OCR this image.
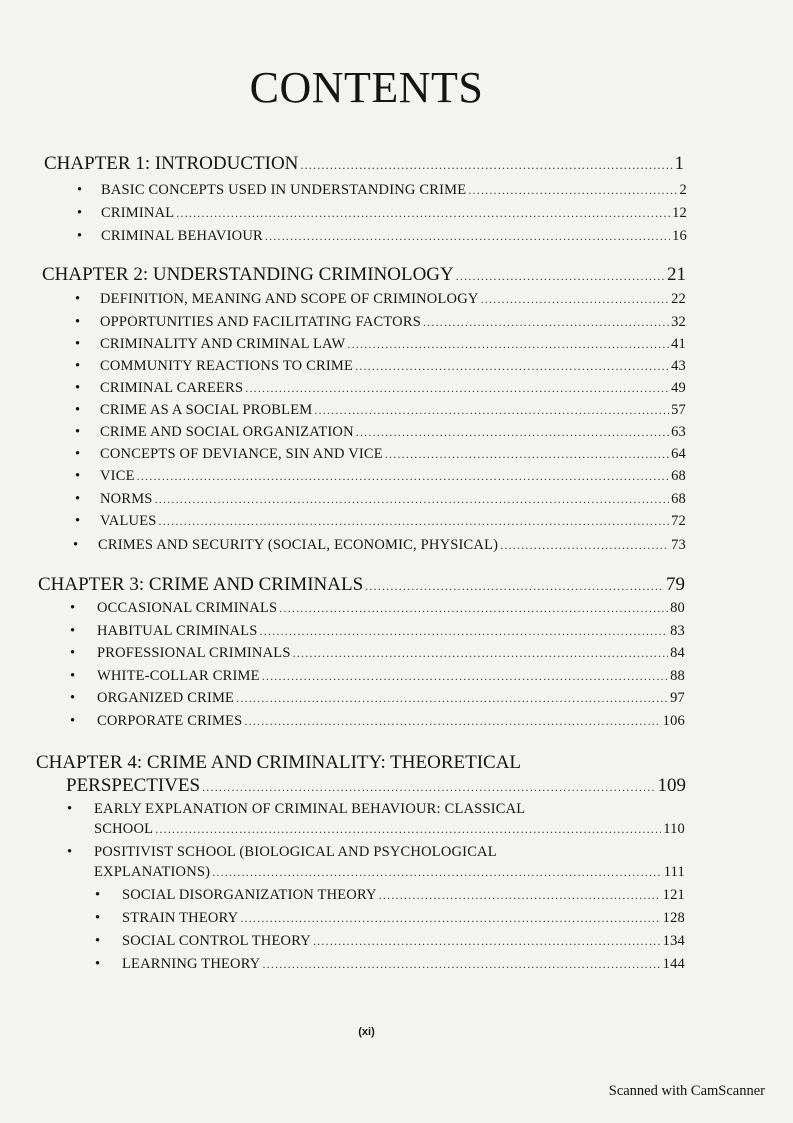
CONTENTS
CHAPTER 1: INTRODUCTION .....	1
BASIC CONCEPTS USED IN UNDERSTANDING CRIME .....	2
CRIMINAL .....	12
CRIMINAL BEHAVIOUR .....	16
CHAPTER 2: UNDERSTANDING CRIMINOLOGY .....	21
DEFINITION, MEANING AND SCOPE OF CRIMINOLOGY .....	22
OPPORTUNITIES AND FACILITATING FACTORS .....	32
CRIMINALITY AND CRIMINAL LAW .....	41
COMMUNITY REACTIONS TO CRIME .....	43
CRIMINAL CAREERS .....	49
CRIME AS A SOCIAL PROBLEM .....	57
CRIME AND SOCIAL ORGANIZATION .....	63
CONCEPTS OF DEVIANCE, SIN AND VICE .....	64
VICE .....	68
NORMS .....	68
VALUES .....	72
CRIMES AND SECURITY (SOCIAL, ECONOMIC, PHYSICAL) .....	73
CHAPTER 3: CRIME AND CRIMINALS .....	79
OCCASIONAL CRIMINALS .....	80
HABITUAL CRIMINALS .....	83
PROFESSIONAL CRIMINALS .....	84
WHITE-COLLAR CRIME .....	88
ORGANIZED CRIME .....	97
CORPORATE CRIMES .....	106
CHAPTER 4: CRIME AND CRIMINALITY: THEORETICAL
PERSPECTIVES .....	109
EARLY EXPLANATION OF CRIMINAL BEHAVIOUR: CLASSICAL
SCHOOL .....	110
POSITIVIST SCHOOL (BIOLOGICAL AND PSYCHOLOGICAL
EXPLANATIONS) .....	111
SOCIAL DISORGANIZATION THEORY .....	121
STRAIN THEORY .....	128
SOCIAL CONTROL THEORY .....	134
LEARNING THEORY .....	144
•
•
•
•
•
•
•
•
•
•
•
•
•
•
•
•
•
•
•
•
•
•
•
•
•
•
•
(xi)
Scanned with CamScanner
